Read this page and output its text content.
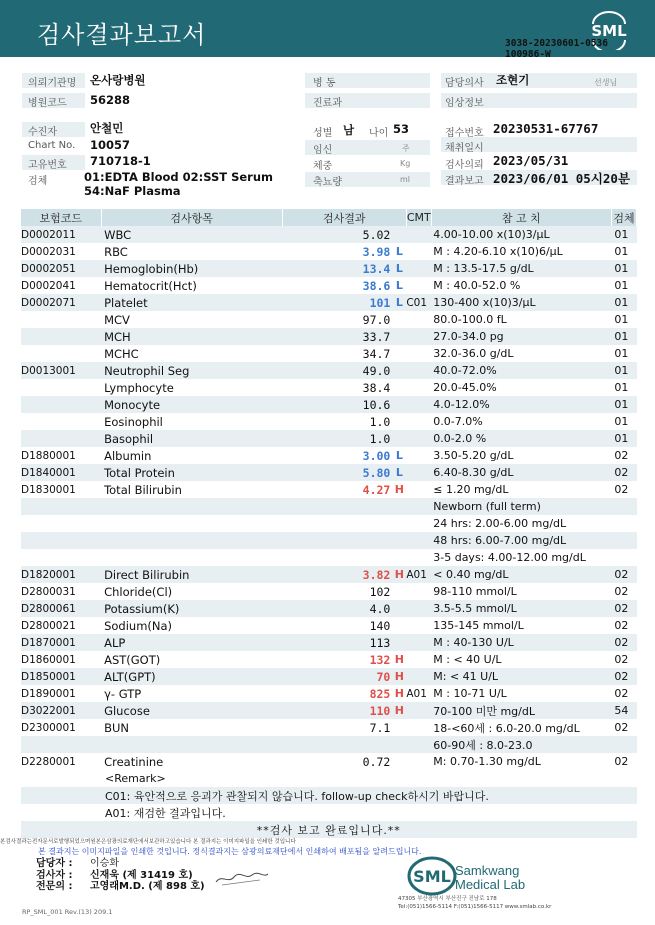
검사결과보고서	SML
3038-20230601-0536
100986-W
의뢰기관명 온사랑병원
병원코드 56288
병 동
진료과
담당의사 조현기	선생님
임상정보
수진자	안철민
Chart No. 10057
고유번호 710718-1
검체	01:EDTA Blood 02:SST Serum
54:NaF Plasma
성별 남 나이 53
임신	주
체중	Kg
축뇨량	ml
접수번호 20230531-67767
채취일시
검사의뢰 2023/05/31
결과보고 2023/06/01 05시20분
보험코드	검사항목	검사결과		CMT	참 고 치	검체
D0002011	WBC	5.02			4.00-10.00 x(10)3/μL	01
D0002031	RBC	3.98	L		M : 4.20-6.10 x(10)6/μL	01
D0002051	Hemoglobin(Hb)	13.4	L		M : 13.5-17.5 g/dL	01
D0002041	Hematocrit(Hct)	38.6	L		M : 40.0-52.0 %	01
D0002071	Platelet	101	L	C01	130-400 x(10)3/μL	01
	MCV	97.0			80.0-100.0 fL	01
	MCH	33.7			27.0-34.0 pg	01
	MCHC	34.7			32.0-36.0 g/dL	01
D0013001	Neutrophil Seg	49.0			40.0-72.0%	01
	Lymphocyte	38.4			20.0-45.0%	01
	Monocyte	10.6			4.0-12.0%	01
	Eosinophil	1.0			0.0-7.0%	01
	Basophil	1.0			0.0-2.0 %	01
D1880001	Albumin	3.00	L		3.50-5.20 g/dL	02
D1840001	Total Protein	5.80	L		6.40-8.30 g/dL	02
D1830001	Total Bilirubin	4.27	H		≤ 1.20 mg/dL	02
					Newborn (full term)	
					24 hrs: 2.00-6.00 mg/dL	
					48 hrs: 6.00-7.00 mg/dL	
					3-5 days: 4.00-12.00 mg/dL	
D1820001	Direct Bilirubin	3.82	H	A01	< 0.40 mg/dL	02
D2800031	Chloride(Cl)	102			98-110 mmol/L	02
D2800061	Potassium(K)	4.0			3.5-5.5 mmol/L	02
D2800021	Sodium(Na)	140			135-145 mmol/L	02
D1870001	ALP	113			M : 40-130 U/L	02
D1860001	AST(GOT)	132	H		M : < 40 U/L	02
D1850001	ALT(GPT)	70	H		M: < 41 U/L	02
D1890001	γ- GTP	825	H	A01	M : 10-71 U/L	02
D3022001	Glucose	110	H		70-100 미만 mg/dL	54
D2300001	BUN	7.1			18-<60세 : 6.0-20.0 mg/dL	02
					60-90세 : 8.0-23.0	
D2280001	Creatinine	0.72			M: 0.70-1.30 mg/dL	02
<Remark>						
C01: 육안적으로 응괴가 관찰되지 않습니다. follow-up check하시기 바랍니다.						
A01: 재검한 결과입니다.						
**검사 보고 완료입니다.**						
본검사결과는전자문서로발행되었으며원본은삼광의료재단에서보관하고있습니다 본 결과지는 이미지파일을 인쇄한 것입니다
본 결과지는 이미지파일을 인쇄한 것입니다. 정식결과지는 삼광의료재단에서 인쇄하여 배포됨을 알려드립니다.
담당자 : 이승화
검사자 : 신재욱 (제 31419 호)
전문의 : 고영래M.D. (제 898 호)
RP_SML_001 Rev.(13) 209.1
SML Samkwang
Medical Lab
47305 부산광역시 부산진구 진남로 178
Tel:(051)1566-5114 F:(051)1566-5117 www.smlab.co.kr
